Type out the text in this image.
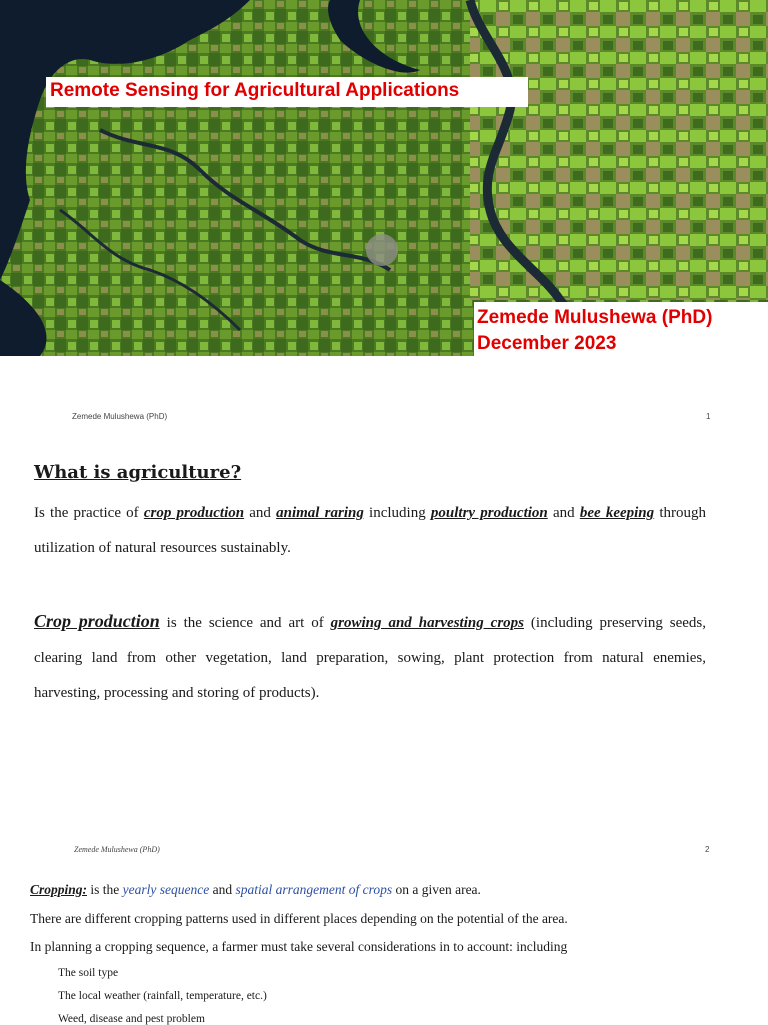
Remote Sensing for Agricultural Applications
Zemede Mulushewa (PhD)
December 2023
Zemede Mulushewa (PhD)	1
What is agriculture?
Is the practice of crop production and animal raring including poultry production and bee keeping through utilization of natural resources sustainably.
Crop production is the science and art of growing and harvesting crops (including preserving seeds, clearing land from other vegetation, land preparation, sowing, plant protection from natural enemies, harvesting, processing and storing of products).
Zemede Mulushewa (PhD)	2
Cropping: is the yearly sequence and spatial arrangement of crops on a given area.
There are different cropping patterns used in different places depending on the potential of the area.
In planning a cropping sequence, a farmer must take several considerations in to account: including
The soil type
The local weather (rainfall, temperature, etc.)
Weed, disease and pest problem
